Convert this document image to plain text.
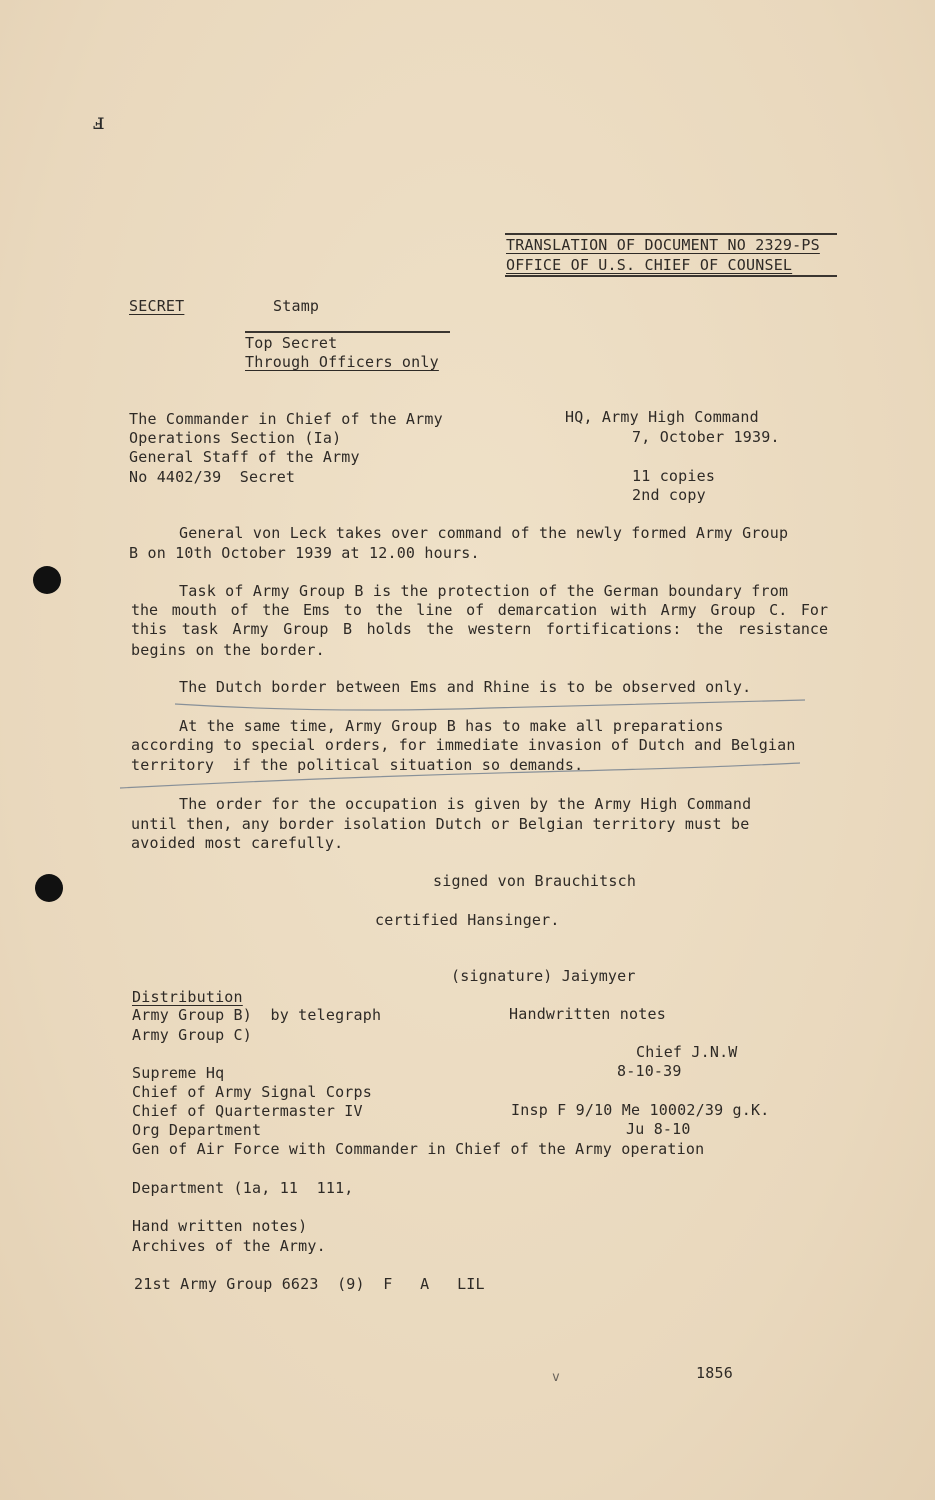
ⅎ
TRANSLATION OF DOCUMENT NO 2329-PS
OFFICE OF U.S. CHIEF OF COUNSEL
SECRET	Stamp
Top Secret
Through Officers only
The Commander in Chief of the Army
Operations Section (Ia)
General Staff of the Army
No 4402/39  Secret
HQ, Army High Command
7, October 1939.
11 copies
2nd copy
General von Leck takes over command of the newly formed Army Group
B on 10th October 1939 at 12.00 hours.
Task of Army Group B is the protection of the German boundary from
the mouth of the Ems to the line of demarcation with Army Group C. For
this task Army Group B holds the western fortifications: the resistance
begins on the border.
The Dutch border between Ems and Rhine is to be observed only.
At the same time, Army Group B has to make all preparations
according to special orders, for immediate invasion of Dutch and Belgian
territory  if the political situation so demands.
The order for the occupation is given by the Army High Command
until then, any border isolation Dutch or Belgian territory must be
avoided most carefully.
signed von Brauchitsch
certified Hansinger.
(signature) Jaiymyer
Distribution
Army Group B)  by telegraph
Army Group C)
Supreme Hq
Chief of Army Signal Corps
Chief of Quartermaster IV
Org Department
Gen of Air Force with Commander in Chief of the Army operation
Department (1a, 11  111,
Hand written notes)
Archives of the Army.
21st Army Group 6623  (9)  F   A   LIL
Handwritten notes
Chief J.N.W
8-10-39
Insp F 9/10 Me 10002/39 g.K.
Ju 8-10
v	1856
